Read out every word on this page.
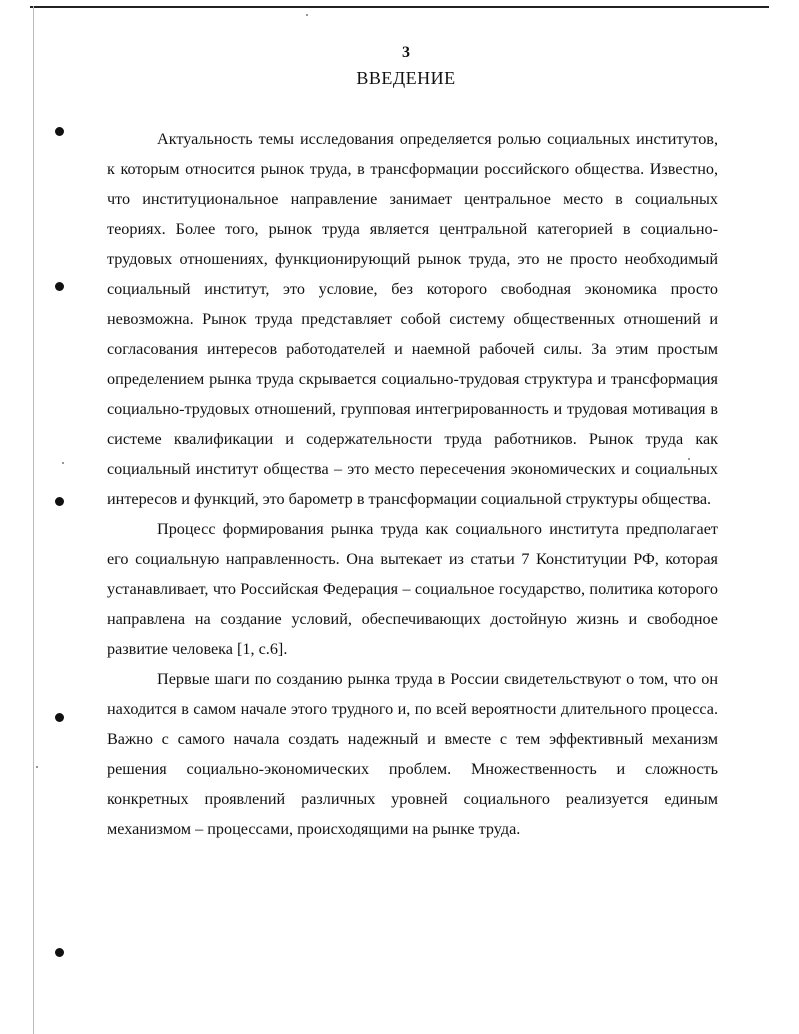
3
ВВЕДЕНИЕ

Актуальность темы исследования определяется ролью социальных институтов, к которым относится рынок труда, в трансформации российского общества. Известно, что институциональное направление занимает центральное место в социальных теориях. Более того, рынок труда является центральной категорией в социально-трудовых отношениях, функционирующий рынок труда, это не просто необходимый социальный институт, это условие, без которого свободная экономика просто невозможна. Рынок труда представляет собой систему общественных отношений и согласования интересов работодателей и наемной рабочей силы. За этим простым определением рынка труда скрывается социально-трудовая структура и трансформация социально-трудовых отношений, групповая интегрированность и трудовая мотивация в системе квалификации и содержательности труда работников. Рынок труда как социальный институт общества – это место пересечения экономических и социальных интересов и функций, это барометр в трансформации социальной структуры общества.

Процесс формирования рынка труда как социального института предполагает его социальную направленность. Она вытекает из статьи 7 Конституции РФ, которая устанавливает, что Российская Федерация – социальное государство, политика которого направлена на создание условий, обеспечивающих достойную жизнь и свободное развитие человека [1, с.6].

Первые шаги по созданию рынка труда в России свидетельствуют о том, что он находится в самом начале этого трудного и, по всей вероятности длительного процесса. Важно с самого начала создать надежный и вместе с тем эффективный механизм решения социально-экономических проблем. Множественность и сложность конкретных проявлений различных уровней социального реализуется единым механизмом – процессами, происходящими на рынке труда.
